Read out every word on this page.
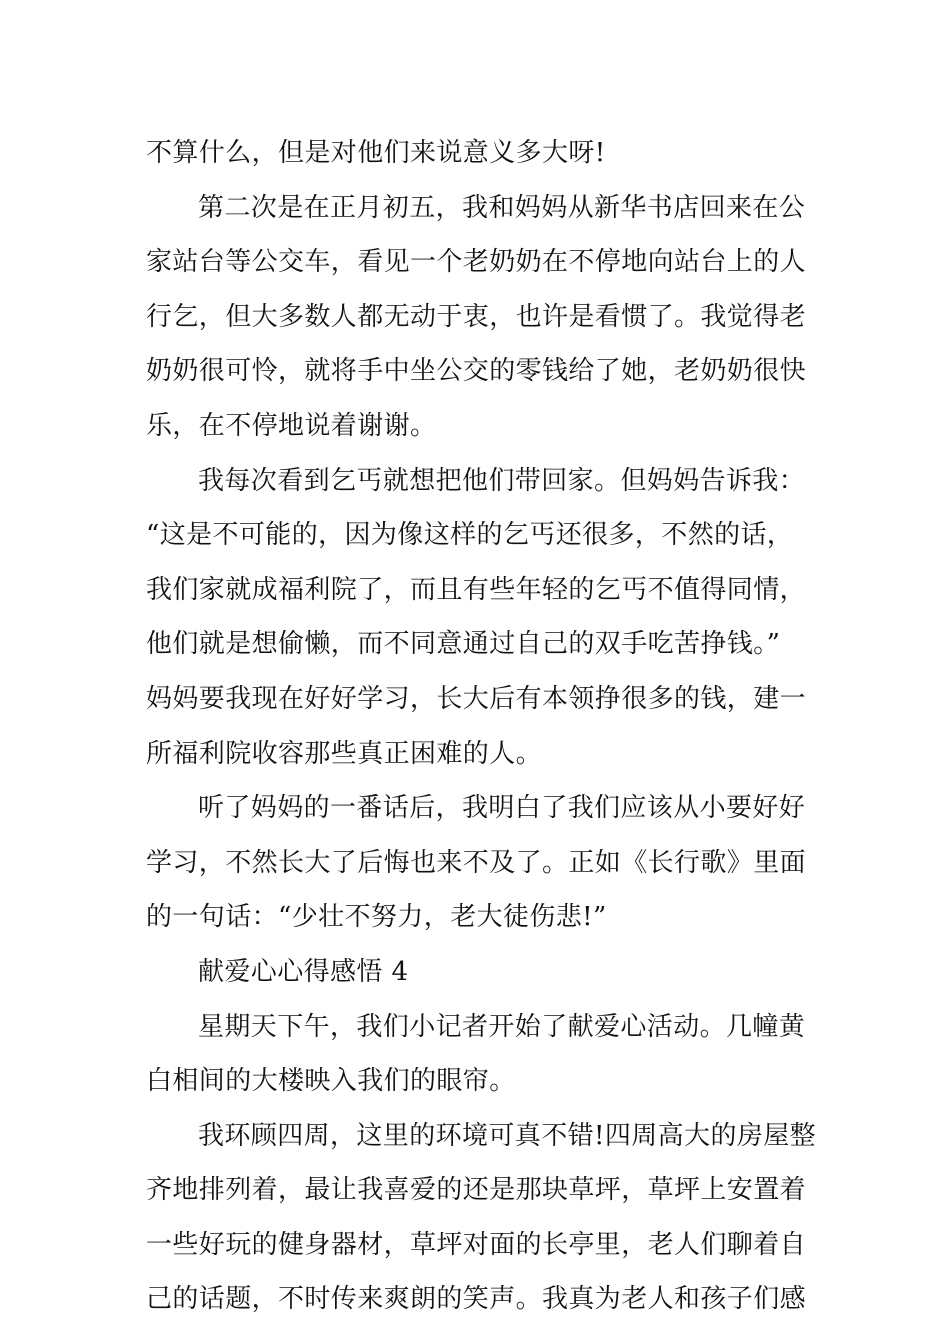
不算什么，但是对他们来说意义多大呀!
第二次是在正月初五，我和妈妈从新华书店回来在公
家站台等公交车，看见一个老奶奶在不停地向站台上的人
行乞，但大多数人都无动于衷，也许是看惯了。我觉得老
奶奶很可怜，就将手中坐公交的零钱给了她，老奶奶很快
乐，在不停地说着谢谢。
我每次看到乞丐就想把他们带回家。但妈妈告诉我：
“这是不可能的，因为像这样的乞丐还很多，不然的话，
我们家就成福利院了，而且有些年轻的乞丐不值得同情，
他们就是想偷懒，而不同意通过自己的双手吃苦挣钱。”
妈妈要我现在好好学习，长大后有本领挣很多的钱，建一
所福利院收容那些真正困难的人。
听了妈妈的一番话后，我明白了我们应该从小要好好
学习，不然长大了后悔也来不及了。正如《长行歌》里面
的一句话：“少壮不努力，老大徒伤悲!”
献爱心心得感悟 4
星期天下午，我们小记者开始了献爱心活动。几幢黄
白相间的大楼映入我们的眼帘。
我环顾四周，这里的环境可真不错!四周高大的房屋整
齐地排列着，最让我喜爱的还是那块草坪，草坪上安置着
一些好玩的健身器材，草坪对面的长亭里，老人们聊着自
己的话题，不时传来爽朗的笑声。我真为老人和孩子们感
